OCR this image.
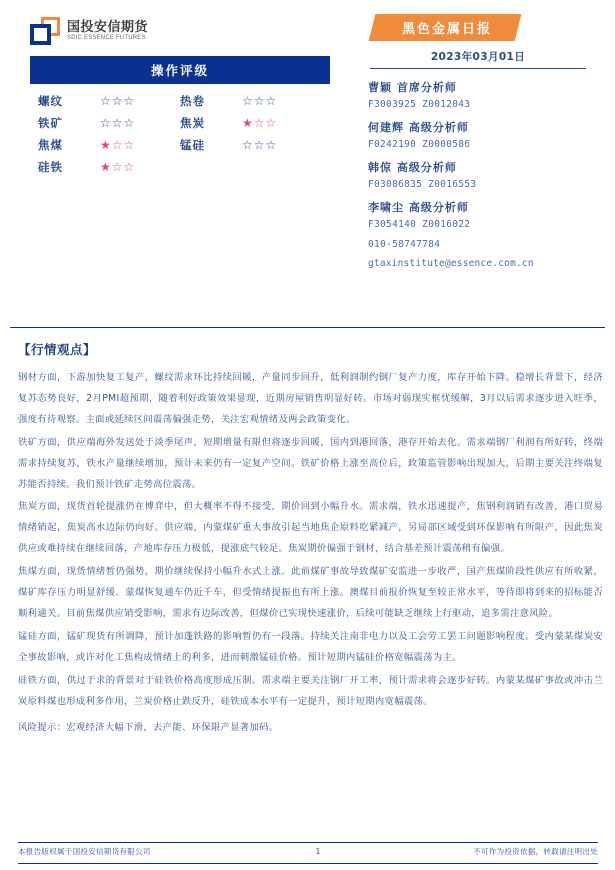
国投安信期货
SDIC ESSENCE FUTURES
操作评级
螺纹	☆☆☆	热卷	☆☆☆
铁矿	☆☆☆	焦炭	★☆☆
焦煤	★☆☆	锰硅	☆☆☆
硅铁	★☆☆
黑色金属日报
2023年03月01日
曹颖 首席分析师
F3003925 Z0012043
何建辉 高级分析师
F0242190 Z0000586
韩倞 高级分析师
F03086835 Z0016553
李啸尘 高级分析师
F3054140 Z0016022
010-58747784
gtaxinstitute@essence.com.cn
【行情观点】
钢材方面，下游加快复工复产，螺纹需求环比持续回暖，产量同步回升，低利润制约钢厂复产力度，库存开始下降。稳增长背景下，经济复苏态势良好，2月PMI超预期，随着利好政策效果显现，近期房屋销售明显好转。市场对弱现实框忧缓解，3月以后需求逐步进入旺季，强度有待观察。主面或延续区间震荡偏强走势，关注宏观情绪及两会政策变化。
铁矿方面，供应端海外发送处于淡季尾声，短期增量有限但将逐步回暖，国内到港回落，港存开始去化。需求端钢厂利润有所好转，终端需求持续复苏，铁水产量继续增加，预计未来仍有一定复产空间。铁矿价格上涨至高位后，政策监管影响出现加大，后期主要关注终端复苏能否持续。我们预计铁矿走势高位震荡。
焦炭方面，现货首轮提涨仍在博弈中，但大概率不得不接受，期价回到小幅升水。需求端，铁水迅速提产，焦钢利润销有改善，港口贸易情绪销起，焦炭高水边际仍向好。供应端，内蒙煤矿重大事故引起当地焦企原料吃紧减产，另局部区域受到环保影响有所限产，因此焦炭供应或难持续在继续回落，产地库存压力极低，提涨底气较足。焦炭期价偏强于钢材，结合基差预计震荡稍有偏强。
焦煤方面，现货情绪暂仍强势，期价继续保持小幅升水式上涨。此前煤矿事故导致煤矿安监进一步收严，国产焦煤阶段性供应有所收紧，煤矿库存压力明显舒缓。蒙煤恢复通车仍近千车，但受情绪提振也有所上涨。澳煤目前报价恢复至较正常水平，等待即将到来的招标能否顺利通关。目前焦煤供应销受影响，需求有边际改善，但煤价已实现快速涨价，后续可能缺乏继续上行驱动，追多需注意风险。
锰硅方面，锰矿现货有所调降，预计加蓬铁路的影响暂仍有一段落。持续关注南非电力以及工会劳工罢工问题影响程度。受内蒙某煤炭安全事故影响，或许对化工焦构成情绪上的利多，进而刺激锰硅价格。预计短期内锰硅价格宽幅震荡为主。
硅铁方面，供过于求的背景对于硅铁价格高度形成压制。需求端主要关注钢厂开工率，预计需求将会逐步好转。内蒙某煤矿事故或冲击兰炭原料煤也形成利多作用，兰炭价格止跌反升，硅铁成本水平有一定提升，预计短期内宽幅震荡。
风险提示：宏观经济大幅下滑，去产能、环保限产显著加码。
本报告版权属于国投安信期货有限公司	1	不可作为投资依据，转载请注明出处
